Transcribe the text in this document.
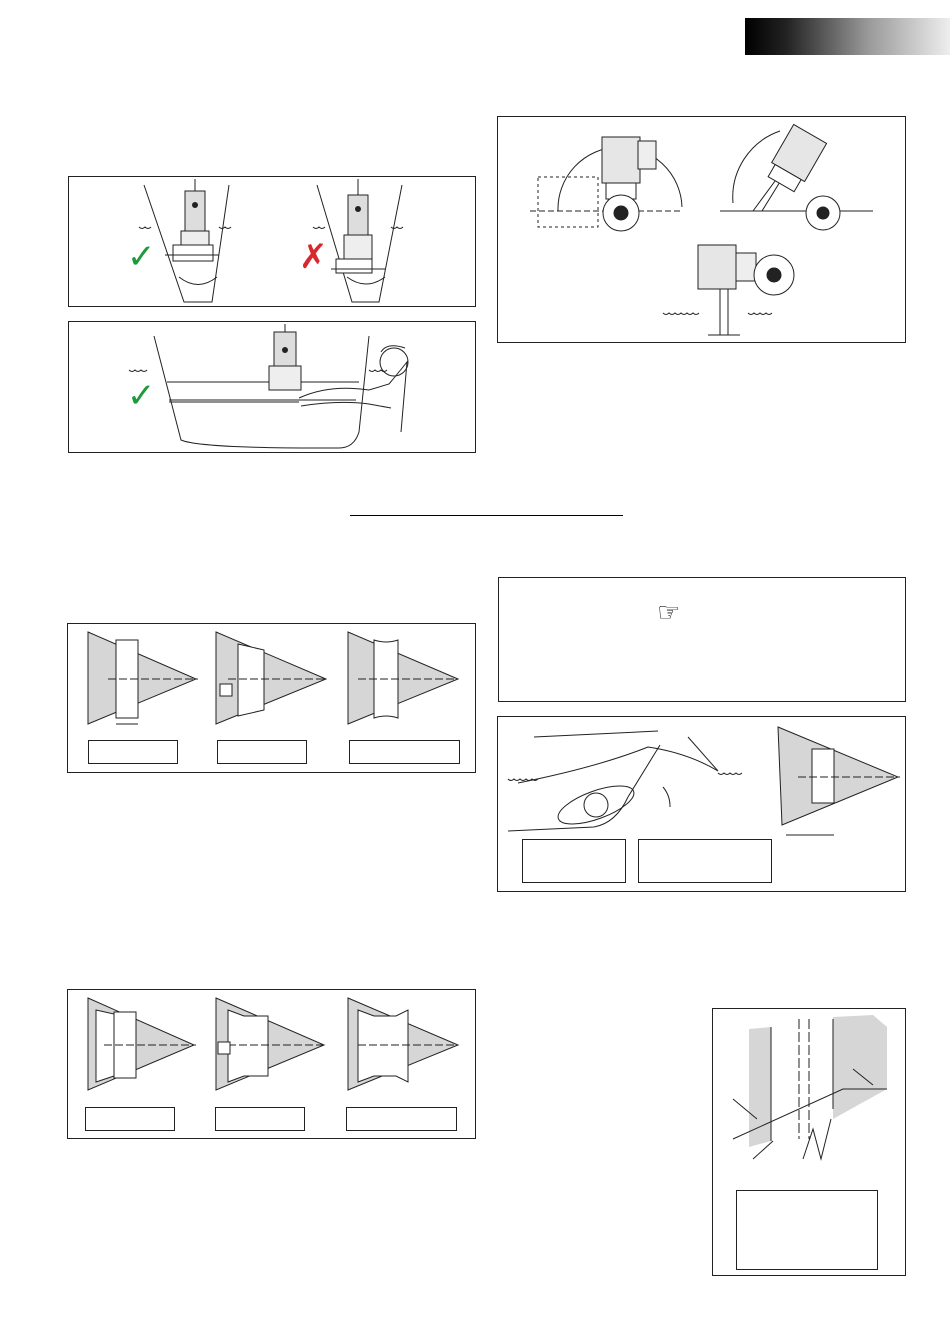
✓	✗
✓
☞
